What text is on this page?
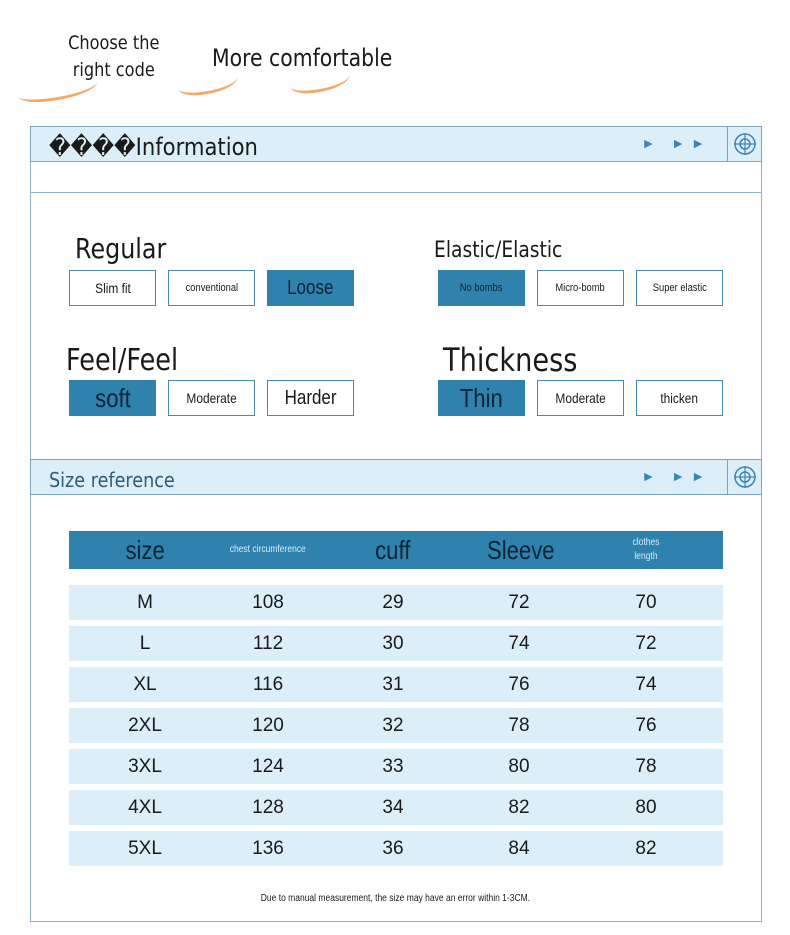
Choose the right code	More comfortable
����Information	► ►►
Regular
Slim fit	conventional Loose
Elastic/Elastic
No bombs	Micro-bomb	Super elastic
Feel/Feel
soft	Moderate Harder
Thickness
Thin	Moderate	thicken
Size reference	► ►►
size	chest circumference	cuff	Sleeve	clothes length
M	108	29	72	70
L	112	30	74	72
XL	116	31	76	74
2XL	120	32	78	76
3XL	124	33	80	78
4XL	128	34	82	80
5XL	136	36	84	82
Due to manual measurement, the size may have an error within 1-3CM.
